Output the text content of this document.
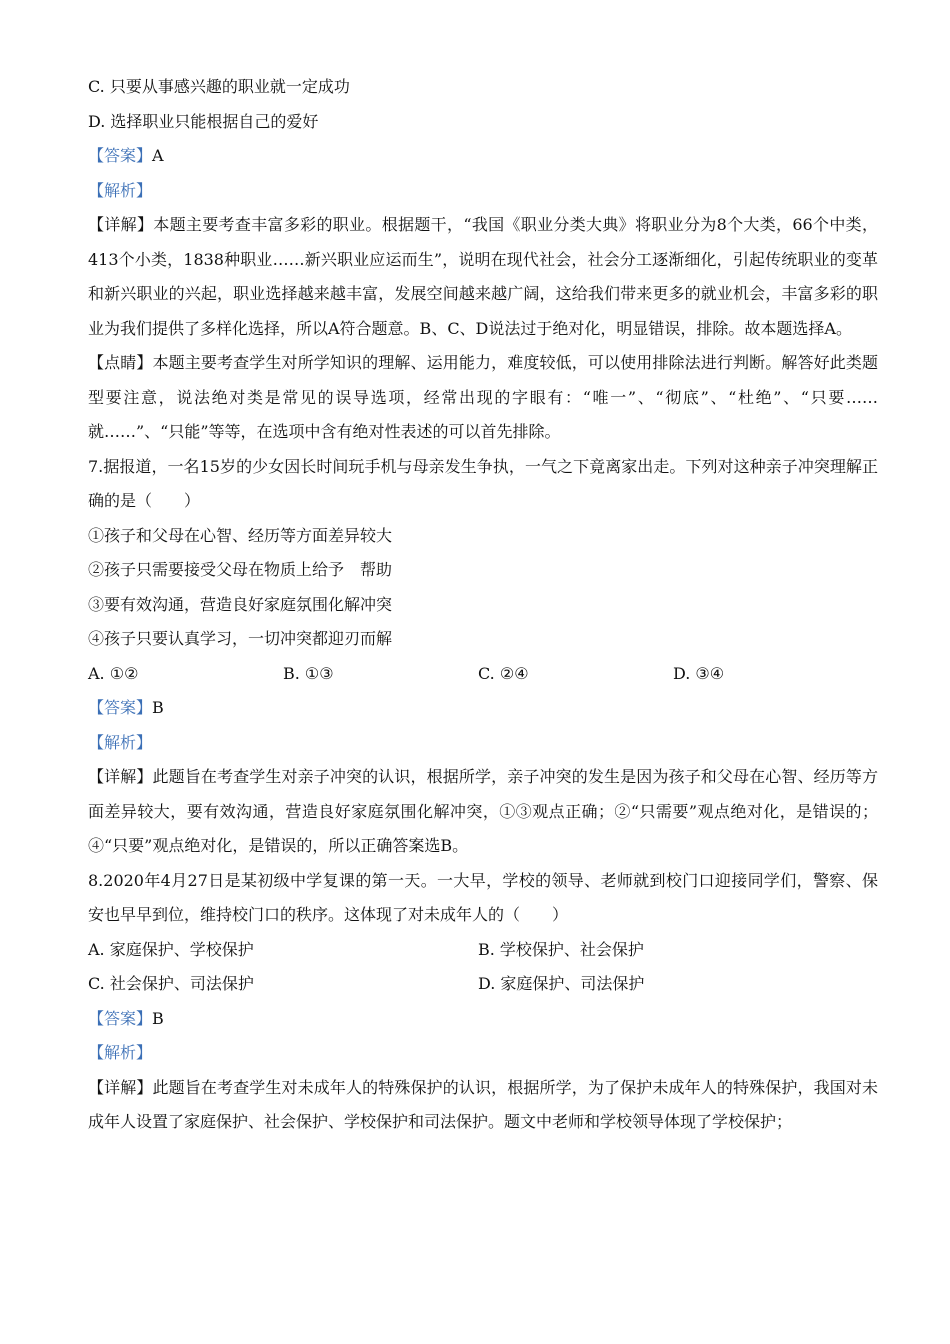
C. 只要从事感兴趣的职业就一定成功
D. 选择职业只能根据自己的爱好
【答案】A
【解析】
【详解】本题主要考查丰富多彩的职业。根据题干，“我国《职业分类大典》将职业分为8个大类，66个中类，413个小类，1838种职业……新兴职业应运而生”，说明在现代社会，社会分工逐渐细化，引起传统职业的变革和新兴职业的兴起，职业选择越来越丰富，发展空间越来越广阔，这给我们带来更多的就业机会，丰富多彩的职业为我们提供了多样化选择，所以A符合题意。B、C、D说法过于绝对化，明显错误，排除。故本题选择A。
【点睛】本题主要考查学生对所学知识的理解、运用能力，难度较低，可以使用排除法进行判断。解答好此类题型要注意，说法绝对类是常见的误导选项，经常出现的字眼有：“唯一”、“彻底”、“杜绝”、“只要……就……”、“只能”等等，在选项中含有绝对性表述的可以首先排除。
7.据报道，一名15岁的少女因长时间玩手机与母亲发生争执，一气之下竟离家出走。下列对这种亲子冲突理解正确的是（　　）
①孩子和父母在心智、经历等方面差异较大
②孩子只需要接受父母在物质上给予　帮助
③要有效沟通，营造良好家庭氛围化解冲突
④孩子只要认真学习，一切冲突都迎刃而解
A. ①②	B. ①③	C. ②④	D. ③④
【答案】B
【解析】
【详解】此题旨在考查学生对亲子冲突的认识，根据所学，亲子冲突的发生是因为孩子和父母在心智、经历等方面差异较大，要有效沟通，营造良好家庭氛围化解冲突，①③观点正确；②“只需要”观点绝对化，是错误的；④“只要”观点绝对化，是错误的，所以正确答案选B。
8.2020年4月27日是某初级中学复课的第一天。一大早，学校的领导、老师就到校门口迎接同学们，警察、保安也早早到位，维持校门口的秩序。这体现了对未成年人的（　　）
A. 家庭保护、学校保护	B. 学校保护、社会保护
C. 社会保护、司法保护	D. 家庭保护、司法保护
【答案】B
【解析】
【详解】此题旨在考查学生对未成年人的特殊保护的认识，根据所学，为了保护未成年人的特殊保护，我国对未成年人设置了家庭保护、社会保护、学校保护和司法保护。题文中老师和学校领导体现了学校保护；
